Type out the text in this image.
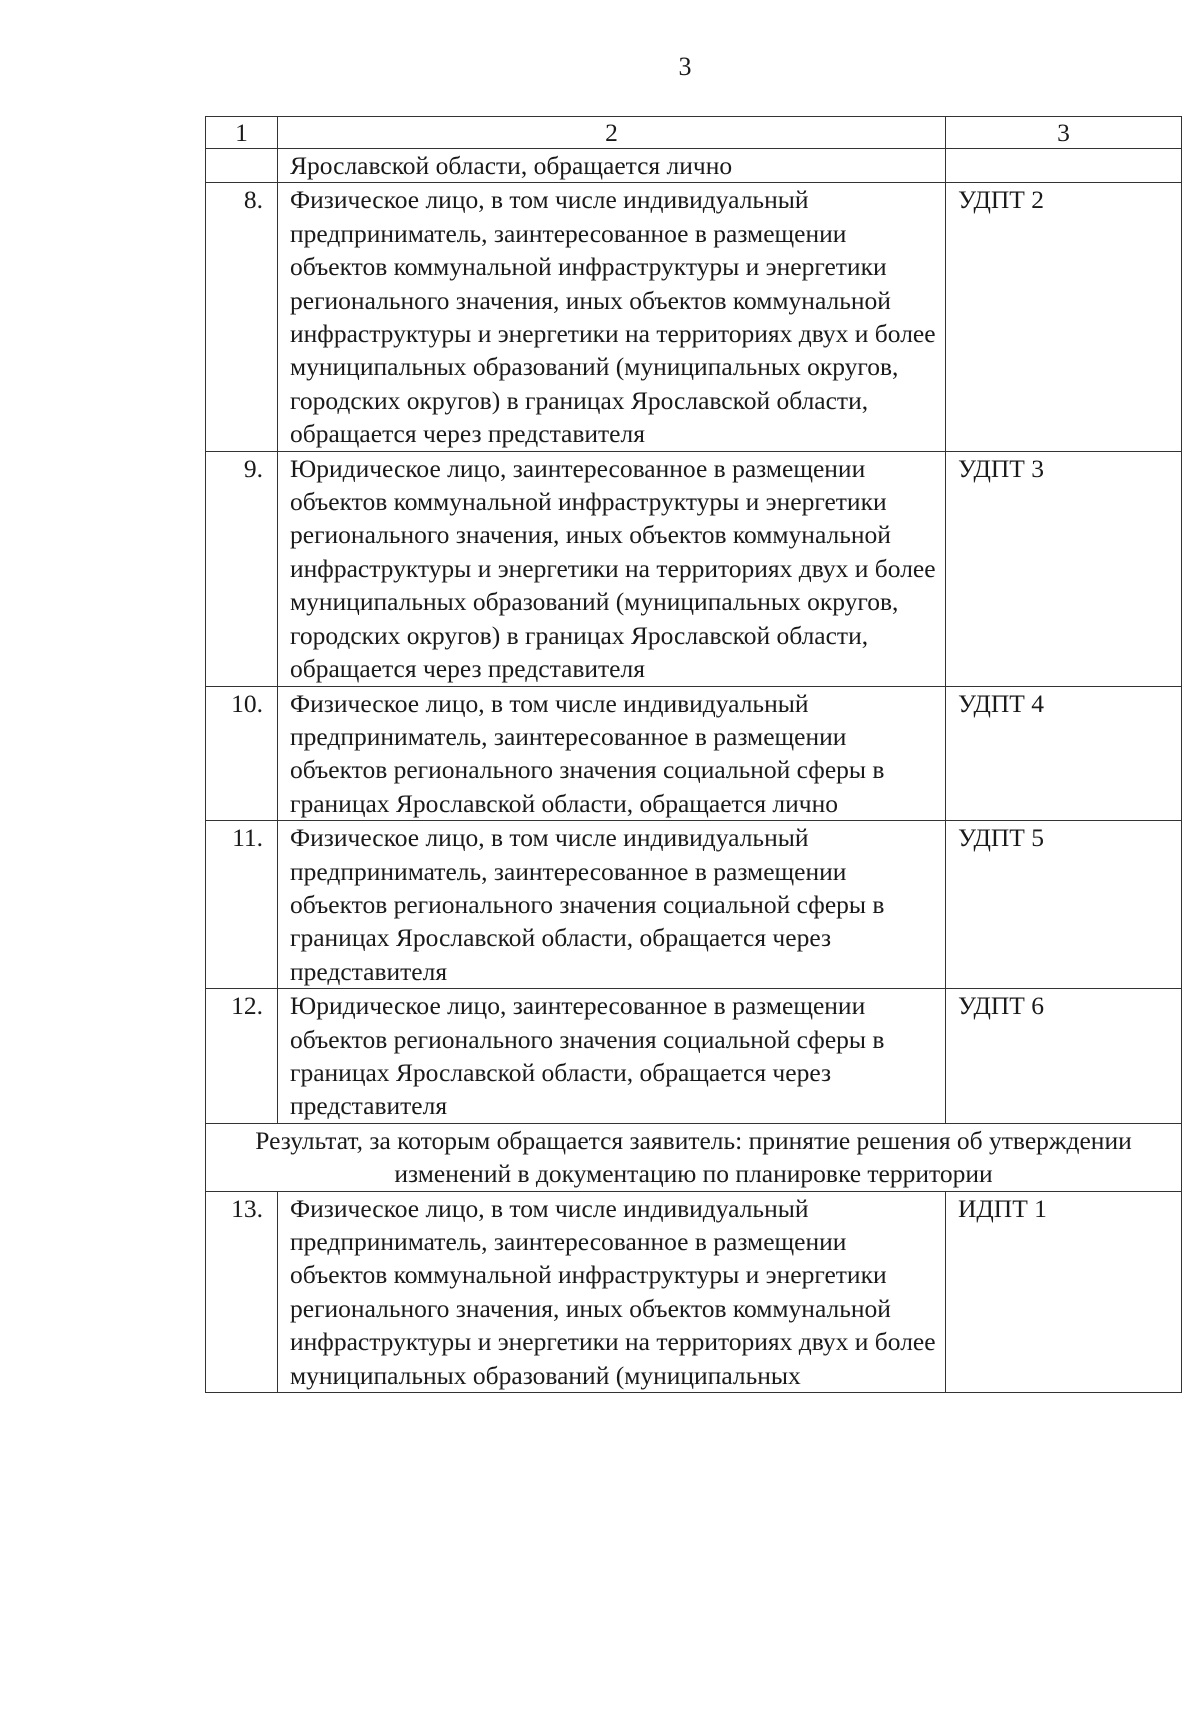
3
1	2	3
	Ярославской области, обращается лично	
8.	Физическое лицо, в том числе индивидуальный предприниматель, заинтересованное в размещении объектов коммунальной инфраструктуры и энергетики регионального значения, иных объектов коммунальной инфраструктуры и энергетики на территориях двух и более муниципальных образований (муниципальных округов, городских округов) в границах Ярославской области, обращается через представителя	УДПТ 2
9.	Юридическое лицо, заинтересованное в размещении объектов коммунальной инфраструктуры и энергетики регионального значения, иных объектов коммунальной инфраструктуры и энергетики на территориях двух и более муниципальных образований (муниципальных округов, городских округов) в границах Ярославской области, обращается через представителя	УДПТ 3
10.	Физическое лицо, в том числе индивидуальный предприниматель, заинтересованное в размещении объектов регионального значения социальной сферы в границах Ярославской области, обращается лично	УДПТ 4
11.	Физическое лицо, в том числе индивидуальный предприниматель, заинтересованное в размещении объектов регионального значения социальной сферы в границах Ярославской области, обращается через представителя	УДПТ 5
12.	Юридическое лицо, заинтересованное в размещении объектов регионального значения социальной сферы в границах Ярославской области, обращается через представителя	УДПТ 6
Результат, за которым обращается заявитель: принятие решения об утверждении изменений в документацию по планировке территории		
13.	Физическое лицо, в том числе индивидуальный предприниматель, заинтересованное в размещении объектов коммунальной инфраструктуры и энергетики регионального значения, иных объектов коммунальной инфраструктуры и энергетики на территориях двух и более муниципальных образований (муниципальных	ИДПТ 1
